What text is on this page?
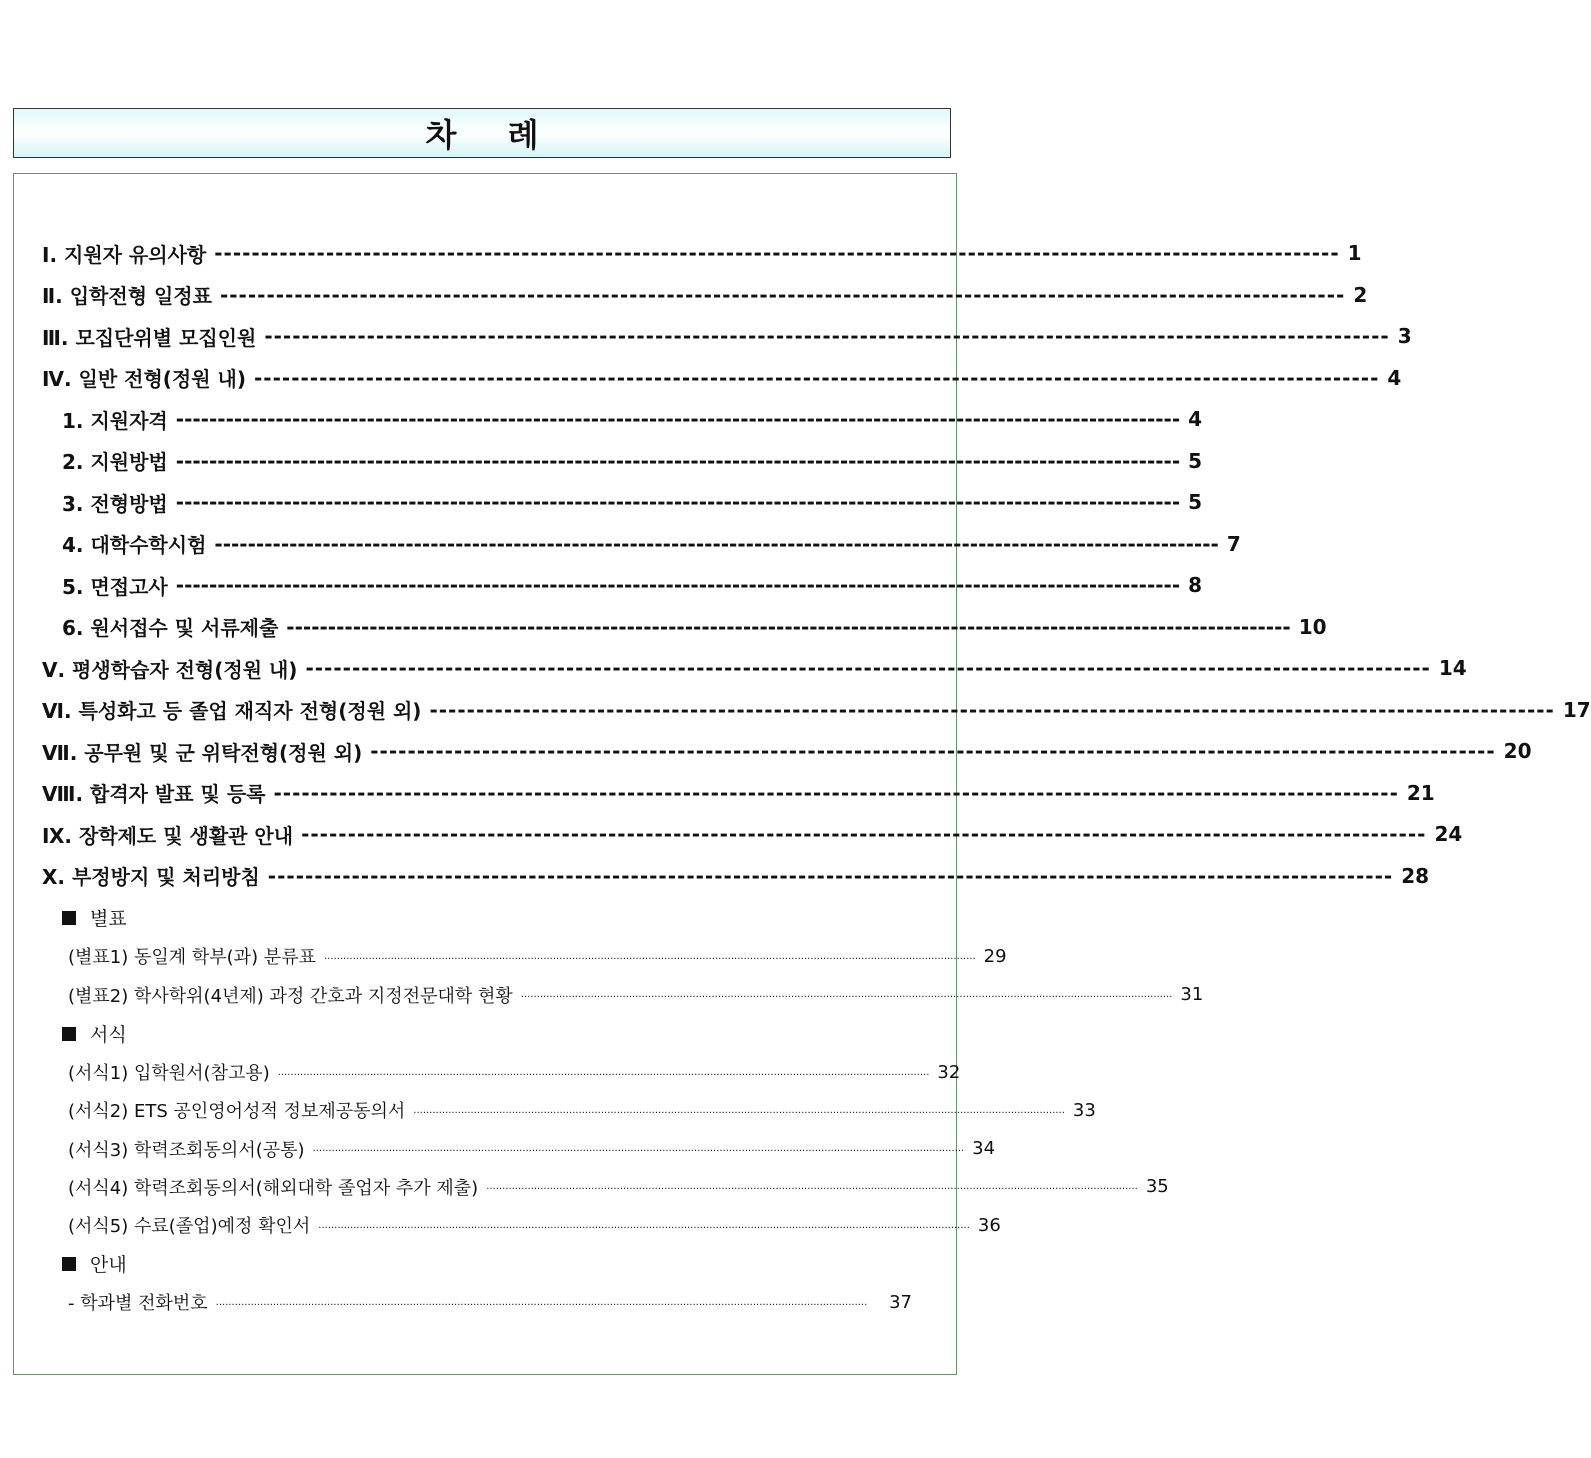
차 례
Ⅰ. 지원자 유의사항 ------------------------------------------------------------------------------------------------------------------------- 1
Ⅱ. 입학전형 일정표 ------------------------------------------------------------------------------------------------------------------------- 2
Ⅲ. 모집단위별 모집인원 ------------------------------------------------------------------------------------------------------------------------- 3
Ⅳ. 일반 전형(정원 내) ------------------------------------------------------------------------------------------------------------------------- 4
1. 지원자격 ------------------------------------------------------------------------------------------------------------------------- 4
2. 지원방법 ------------------------------------------------------------------------------------------------------------------------- 5
3. 전형방법 ------------------------------------------------------------------------------------------------------------------------- 5
4. 대학수학시험 ------------------------------------------------------------------------------------------------------------------------- 7
5. 면접고사 ------------------------------------------------------------------------------------------------------------------------- 8
6. 원서접수 및 서류제출 ------------------------------------------------------------------------------------------------------------------------- 10
Ⅴ. 평생학습자 전형(정원 내) ------------------------------------------------------------------------------------------------------------------------- 14
Ⅵ. 특성화고 등 졸업 재직자 전형(정원 외) ------------------------------------------------------------------------------------------------------------------------- 17
Ⅶ. 공무원 및 군 위탁전형(정원 외) ------------------------------------------------------------------------------------------------------------------------- 20
Ⅷ. 합격자 발표 및 등록 ------------------------------------------------------------------------------------------------------------------------- 21
Ⅸ. 장학제도 및 생활관 안내 ------------------------------------------------------------------------------------------------------------------------- 24
Ⅹ. 부정방지 및 처리방침 ------------------------------------------------------------------------------------------------------------------------- 28
별표
(별표1) 동일계 학부(과) 분류표 ............................................................................................................................................................................................................. 29
(별표2) 학사학위(4년제) 과정 간호과 지정전문대학 현황 ............................................................................................................................................................................................................. 31
서식
(서식1) 입학원서(참고용) ............................................................................................................................................................................................................. 32
(서식2) ETS 공인영어성적 정보제공동의서 ............................................................................................................................................................................................................. 33
(서식3) 학력조회동의서(공통) ............................................................................................................................................................................................................. 34
(서식4) 학력조회동의서(해외대학 졸업자 추가 제출) ............................................................................................................................................................................................................. 35
(서식5) 수료(졸업)예정 확인서 ............................................................................................................................................................................................................. 36
안내
- 학과별 전화번호 .............................................................................................................................................................................................................	37
